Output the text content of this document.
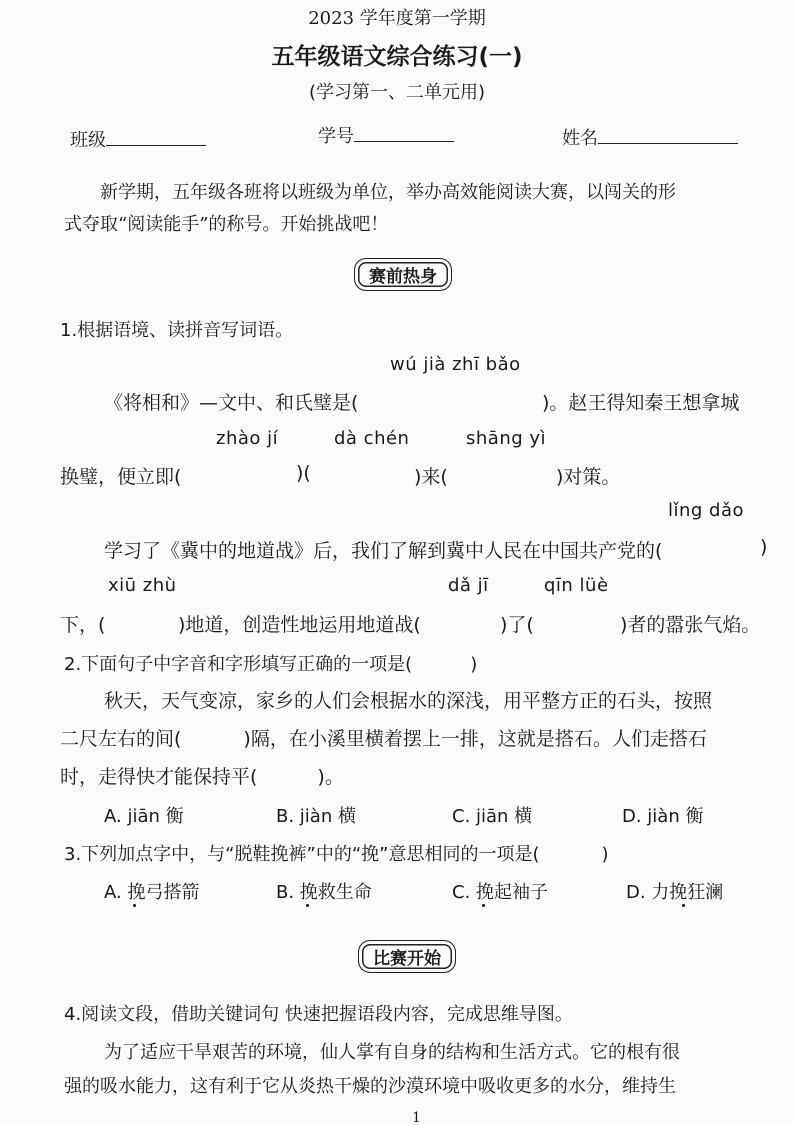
2023 学年度第一学期
五年级语文综合练习(一)
(学习第一、二单元用)
班级	学号	姓名
新学期，五年级各班将以班级为单位，举办高效能阅读大赛，以闯关的形
式夺取“阅读能手”的称号。开始挑战吧！
赛前热身
1.根据语境、读拼音写词语。
wú jià zhī bǎo
《将相和》—文中、和氏璧是(	)。赵王得知秦王想拿城
zhào jí	dà chén	shāng yì
换璧，便立即(	)(	)来(	)对策。
lǐng dǎo
学习了《冀中的地道战》后，我们了解到冀中人民在中国共产党的(	)
xiū zhù	dǎ jī	qīn lüè
下，(	)地道，创造性地运用地道战(	)了(	)者的嚣张气焰。
2.下面句子中字音和字形填写正确的一项是(	)
秋天，天气变凉，家乡的人们会根据水的深浅，用平整方正的石头，按照
二尺左右的间(	)隔，在小溪里横着摆上一排，这就是搭石。人们走搭石
时，走得快才能保持平(	)。
A. jiān 衡	B. jiàn 横	C. jiān 横	D. jiàn 衡
3.下列加点字中，与“脱鞋挽裤”中的“挽”意思相同的一项是(	)
A. 挽弓搭箭	B. 挽救生命	C. 挽起袖子	D. 力挽狂澜
比赛开始
4.阅读文段，借助关键词句 快速把握语段内容，完成思维导图。
为了适应干旱艰苦的环境，仙人掌有自身的结构和生活方式。它的根有很
强的吸水能力，这有利于它从炎热干燥的沙漠环境中吸收更多的水分，维持生
1
